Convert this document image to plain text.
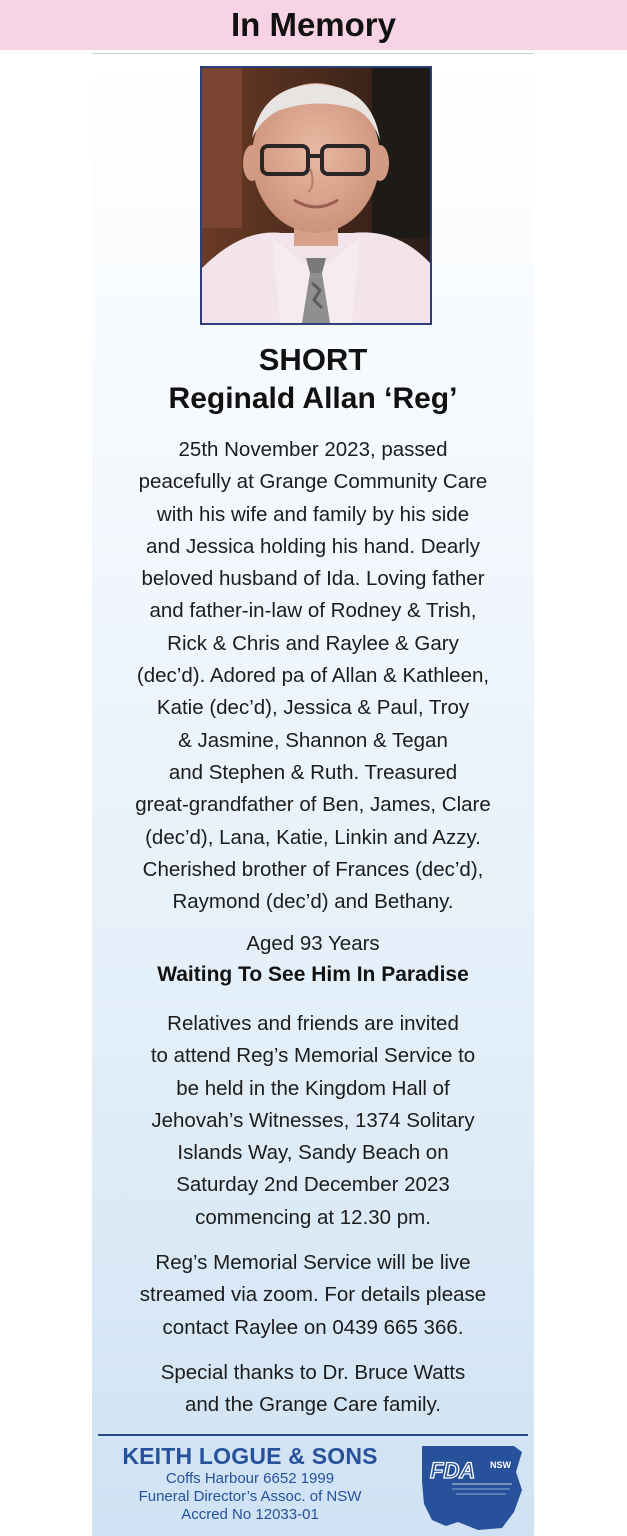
In Memory
SHORT
Reginald Allan ‘Reg’
25th November 2023, passed
peacefully at Grange Community Care
with his wife and family by his side
and Jessica holding his hand. Dearly
beloved husband of Ida. Loving father
and father-in-law of Rodney & Trish,
Rick & Chris and Raylee & Gary
(dec’d). Adored pa of Allan & Kathleen,
Katie (dec’d), Jessica & Paul, Troy
& Jasmine, Shannon & Tegan
and Stephen & Ruth. Treasured
great-grandfather of Ben, James, Clare
(dec’d), Lana, Katie, Linkin and Azzy.
Cherished brother of Frances (dec’d),
Raymond (dec’d) and Bethany.
Aged 93 Years
Waiting To See Him In Paradise
Relatives and friends are invited
to attend Reg’s Memorial Service to
be held in the Kingdom Hall of
Jehovah’s Witnesses, 1374 Solitary
Islands Way, Sandy Beach on
Saturday 2nd December 2023
commencing at 12.30 pm.
Reg’s Memorial Service will be live
streamed via zoom. For details please
contact Raylee on 0439 665 366.
Special thanks to Dr. Bruce Watts
and the Grange Care family.
KEITH LOGUE & SONS
Coffs Harbour 6652 1999
Funeral Director’s Assoc. of NSW
Accred No 12033-01
FDA NSW
